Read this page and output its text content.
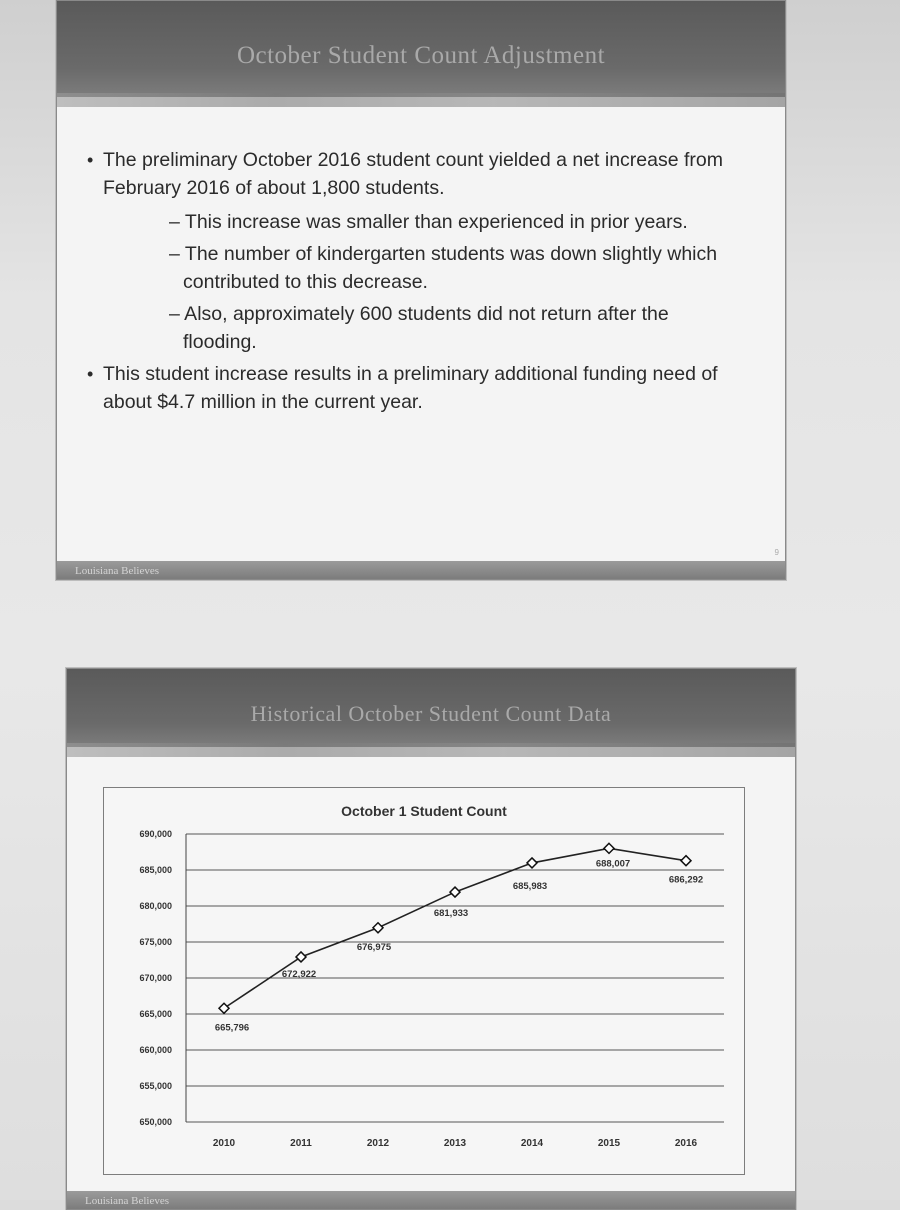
October Student Count Adjustment
• The preliminary October 2016 student count yielded a net increase from February 2016 of about 1,800 students.
– This increase was smaller than experienced in prior years.
– The number of kindergarten students was down slightly which contributed to this decrease.
– Also, approximately 600 students did not return after the flooding.
• This student increase results in a preliminary additional funding need of about $4.7 million in the current year.
9
Louisiana Believes
Historical October Student Count Data
October 1 Student Count
650,000
655,000
660,000
665,000
670,000
675,000
680,000
685,000
690,000
2010	2011	2012	2013	2014	2015	2016
665,796
672,922
676,975
681,933
685,983
688,007
686,292
Louisiana Believes
